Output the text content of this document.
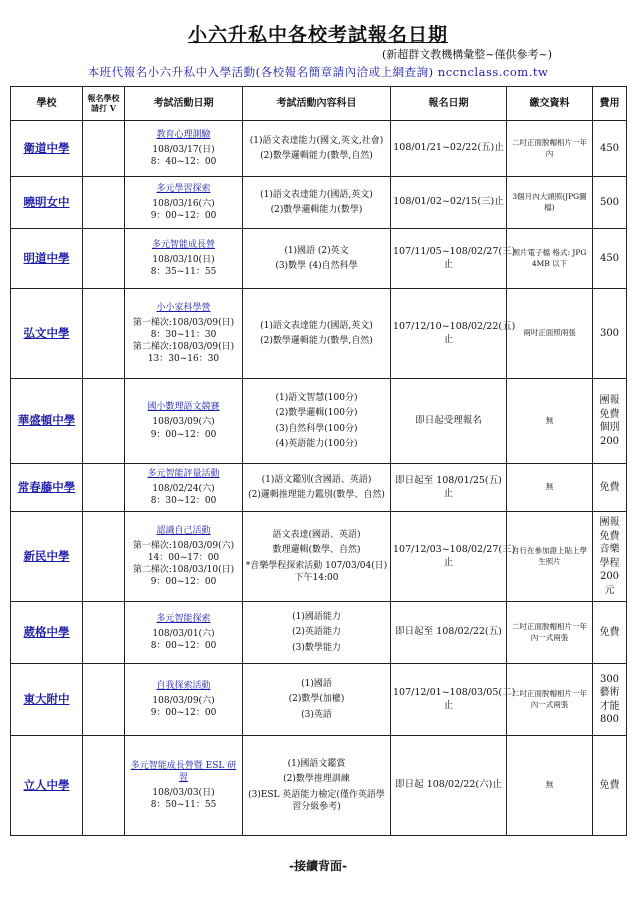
小六升私中各校考試報名日期
(新超群文教機構彙整~僅供參考~)
本班代報名小六升私中入學活動(各校報名簡章請內洽或上網查詢) nccnclass.com.tw
學校	報名學校請打 V	考試活動日期	考試活動內容科目	報名日期	繳交資料	費用
衛道中學		教育心理測驗
108/03/17(日)
8：40~12：00	(1)語文表達能力(國文,英文,社會)
(2)數學邏輯能力(數學,自然)	108/01/21~02/22(五)止	二吋正面脫帽相片一年內	450
曉明女中		多元學習探索
108/03/16(六)
9：00~12：00	(1)語文表達能力(國語,英文)
(2)數學邏輯能力(數學)	108/01/02~02/15(三)止	3個月內大頭照(JPG圖檔)	500
明道中學		多元智能成長營
108/03/10(日)
8：35~11：55	(1)國語 (2)英文
(3)數學 (4)自然科學	107/11/05~108/02/27(三)止	照片電子檔 格式: JPG 4MB 以下	450
弘文中學		小小家科學營
第一梯次:108/03/09(日)
8：30~11：30
第二梯次:108/03/09(日)
13：30~16：30	(1)語文表達能力(國語,英文)
(2)數學邏輯能力(數學,自然)	107/12/10~108/02/22(五)止	兩吋正面照兩張	300
華盛頓中學		國小數理語文競賽
108/03/09(六)
9：00~12：00	(1)語文智慧(100分)
(2)數學邏輯(100分)
(3)自然科學(100分)
(4)英語能力(100分)	即日起受理報名	無	團報免費 個別200
常春藤中學		多元智能評量活動
108/02/24(六)
8：30~12：00	(1)語文鑑別(含國語、英語)
(2)邏輯推理能力鑑別(數學、自然)	即日起至 108/01/25(五)止	無	免費
新民中學		認識自己活動
第一梯次:108/03/09(六)
14：00~17：00
第二梯次:108/03/10(日)
9：00~12：00	語文表達(國語、英語)
數理邏輯(數學、自然)
*音樂學程探索活動 107/03/04(日) 下午14:00	107/12/03~108/02/27(三)止	自行在參加證上貼上學生照片	團報免費 音樂學程200元
葳格中學		多元智能探索
108/03/01(六)
8：00~12：00	(1)國語能力
(2)英語能力
(3)數學能力	即日起至 108/02/22(五)	二吋正面脫帽相片一年內一式兩張	免費
東大附中		自我探索活動
108/03/09(六)
9：00~12：00	(1)國語
(2)數學(加權)
(3)英語	107/12/01~108/03/05(二)止	二吋正面脫帽相片一年內一式兩張	300 藝術才能 800
立人中學		多元智能成長營暨 ESL 研習
108/03/03(日)
8：50~11：55	(1)國語文鑑賞
(2)數學推理訓練
(3)ESL 英語能力檢定(僅作英語學習分級參考)	即日起 108/02/22(六)止	無	免費
-接續背面-
